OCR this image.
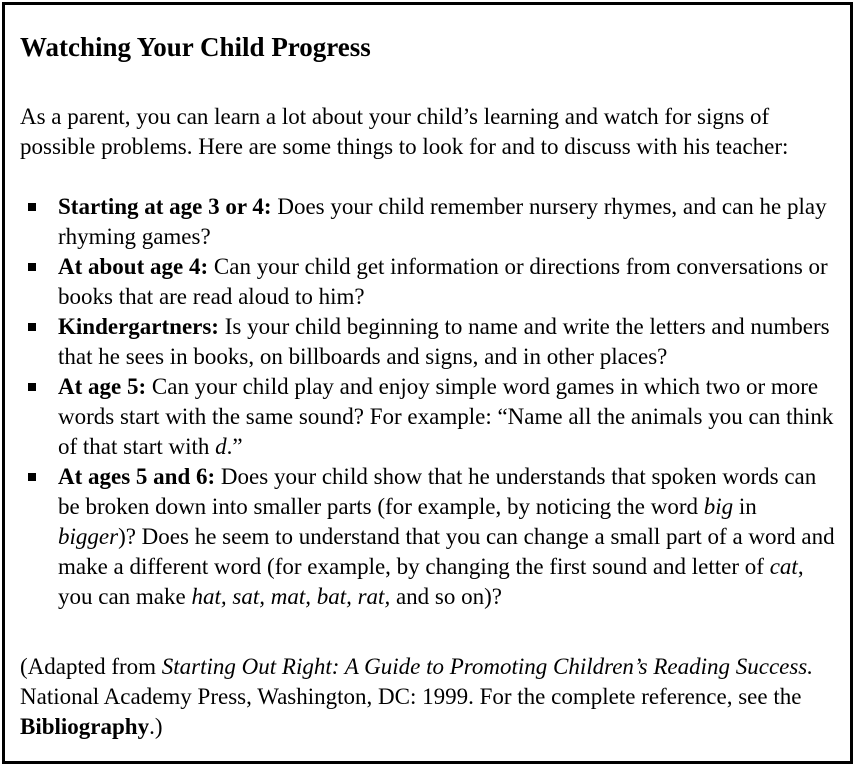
Watching Your Child Progress

As a parent, you can learn a lot about your child’s learning and watch for signs of possible problems. Here are some things to look for and to discuss with his teacher:

Starting at age 3 or 4: Does your child remember nursery rhymes, and can he play rhyming games?
At about age 4: Can your child get information or directions from conversations or books that are read aloud to him?
Kindergartners: Is your child beginning to name and write the letters and numbers that he sees in books, on billboards and signs, and in other places?
At age 5: Can your child play and enjoy simple word games in which two or more words start with the same sound? For example: “Name all the animals you can think of that start with d.”
At ages 5 and 6: Does your child show that he understands that spoken words can be broken down into smaller parts (for example, by noticing the word big in bigger)? Does he seem to understand that you can change a small part of a word and make a different word (for example, by changing the first sound and letter of cat, you can make hat, sat, mat, bat, rat, and so on)?

(Adapted from Starting Out Right: A Guide to Promoting Children’s Reading Success. National Academy Press, Washington, DC: 1999. For the complete reference, see the Bibliography.)
